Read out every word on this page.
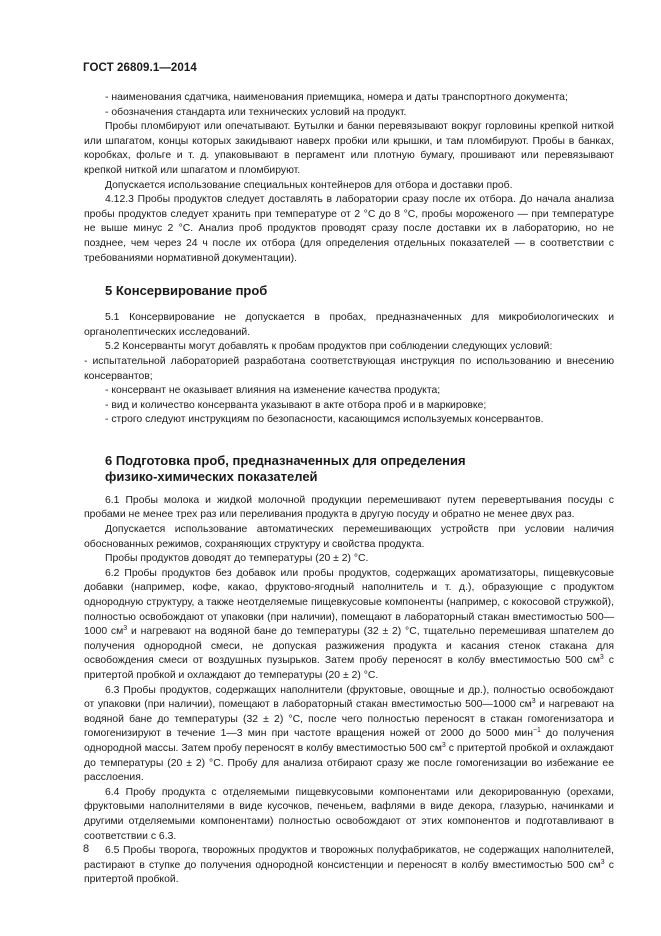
ГОСТ 26809.1—2014

- наименования сдатчика, наименования приемщика, номера и даты транспортного документа;

- обозначения стандарта или технических условий на продукт.

Пробы пломбируют или опечатывают. Бутылки и банки перевязывают вокруг горловины крепкой ниткой или шпагатом, концы которых закидывают наверх пробки или крышки, и там пломбируют. Пробы в банках, коробках, фольге и т. д. упаковывают в пергамент или плотную бумагу, прошивают или перевязывают крепкой ниткой или шпагатом и пломбируют.

Допускается использование специальных контейнеров для отбора и доставки проб.

4.12.3 Пробы продуктов следует доставлять в лаборатории сразу после их отбора. До начала анализа пробы продуктов следует хранить при температуре от 2 °С до 8 °С, пробы мороженого — при температуре не выше минус 2 °С. Анализ проб продуктов проводят сразу после доставки их в лабораторию, но не позднее, чем через 24 ч после их отбора (для определения отдельных показателей — в соответствии с требованиями нормативной документации).

5 Консервирование проб

5.1 Консервирование не допускается в пробах, предназначенных для микробиологических и органолептических исследований.

5.2 Консерванты могут добавлять к пробам продуктов при соблюдении следующих условий:

- испытательной лабораторией разработана соответствующая инструкция по использованию и внесению консервантов;

- консервант не оказывает влияния на изменение качества продукта;

- вид и количество консерванта указывают в акте отбора проб и в маркировке;

- строго следуют инструкциям по безопасности, касающимся используемых консервантов.

6 Подготовка проб, предназначенных для определения
физико-химических показателей

6.1 Пробы молока и жидкой молочной продукции перемешивают путем перевертывания посуды с пробами не менее трех раз или переливания продукта в другую посуду и обратно не менее двух раз.

Допускается использование автоматических перемешивающих устройств при условии наличия обоснованных режимов, сохраняющих структуру и свойства продукта.

Пробы продуктов доводят до температуры (20 ± 2) °С.

6.2 Пробы продуктов без добавок или пробы продуктов, содержащих ароматизаторы, пищевкусовые добавки (например, кофе, какао, фруктово-ягодный наполнитель и т. д.), образующие с продуктом однородную структуру, а также неотделяемые пищевкусовые компоненты (например, с кокосовой стружкой), полностью освобождают от упаковки (при наличии), помещают в лабораторный стакан вместимостью 500—1000 $см^3$ и нагревают на водяной бане до температуры (32 ± 2) °С, тщательно перемешивая шпателем до получения однородной смеси, не допуская разжижения продукта и касания стенок стакана для освобождения смеси от воздушных пузырьков. Затем пробу переносят в колбу вместимостью 500 $см^3$ с притертой пробкой и охлаждают до температуры (20 ± 2) °С.

6.3 Пробы продуктов, содержащих наполнители (фруктовые, овощные и др.), полностью освобождают от упаковки (при наличии), помещают в лабораторный стакан вместимостью 500—1000 $см^3$ и нагревают на водяной бане до температуры (32 ± 2) °С, после чего полностью переносят в стакан гомогенизатора и гомогенизируют в течение 1—3 мин при частоте вращения ножей от 2000 до 5000 мин$^{-1}$ до получения однородной массы. Затем пробу переносят в колбу вместимостью 500 $см^3$ с притертой пробкой и охлаждают до температуры (20 ± 2) °С. Пробу для анализа отбирают сразу же после гомогенизации во избежание ее расслоения.

6.4 Пробу продукта с отделяемыми пищевкусовыми компонентами или декорированную (орехами, фруктовыми наполнителями в виде кусочков, печеньем, вафлями в виде декора, глазурью, начинками и другими отделяемыми компонентами) полностью освобождают от этих компонентов и подготавливают в соответствии с 6.3.

6.5 Пробы творога, творожных продуктов и творожных полуфабрикатов, не содержащих наполнителей, растирают в ступке до получения однородной консистенции и переносят в колбу вместимостью 500 $см^3$ с притертой пробкой.

8
